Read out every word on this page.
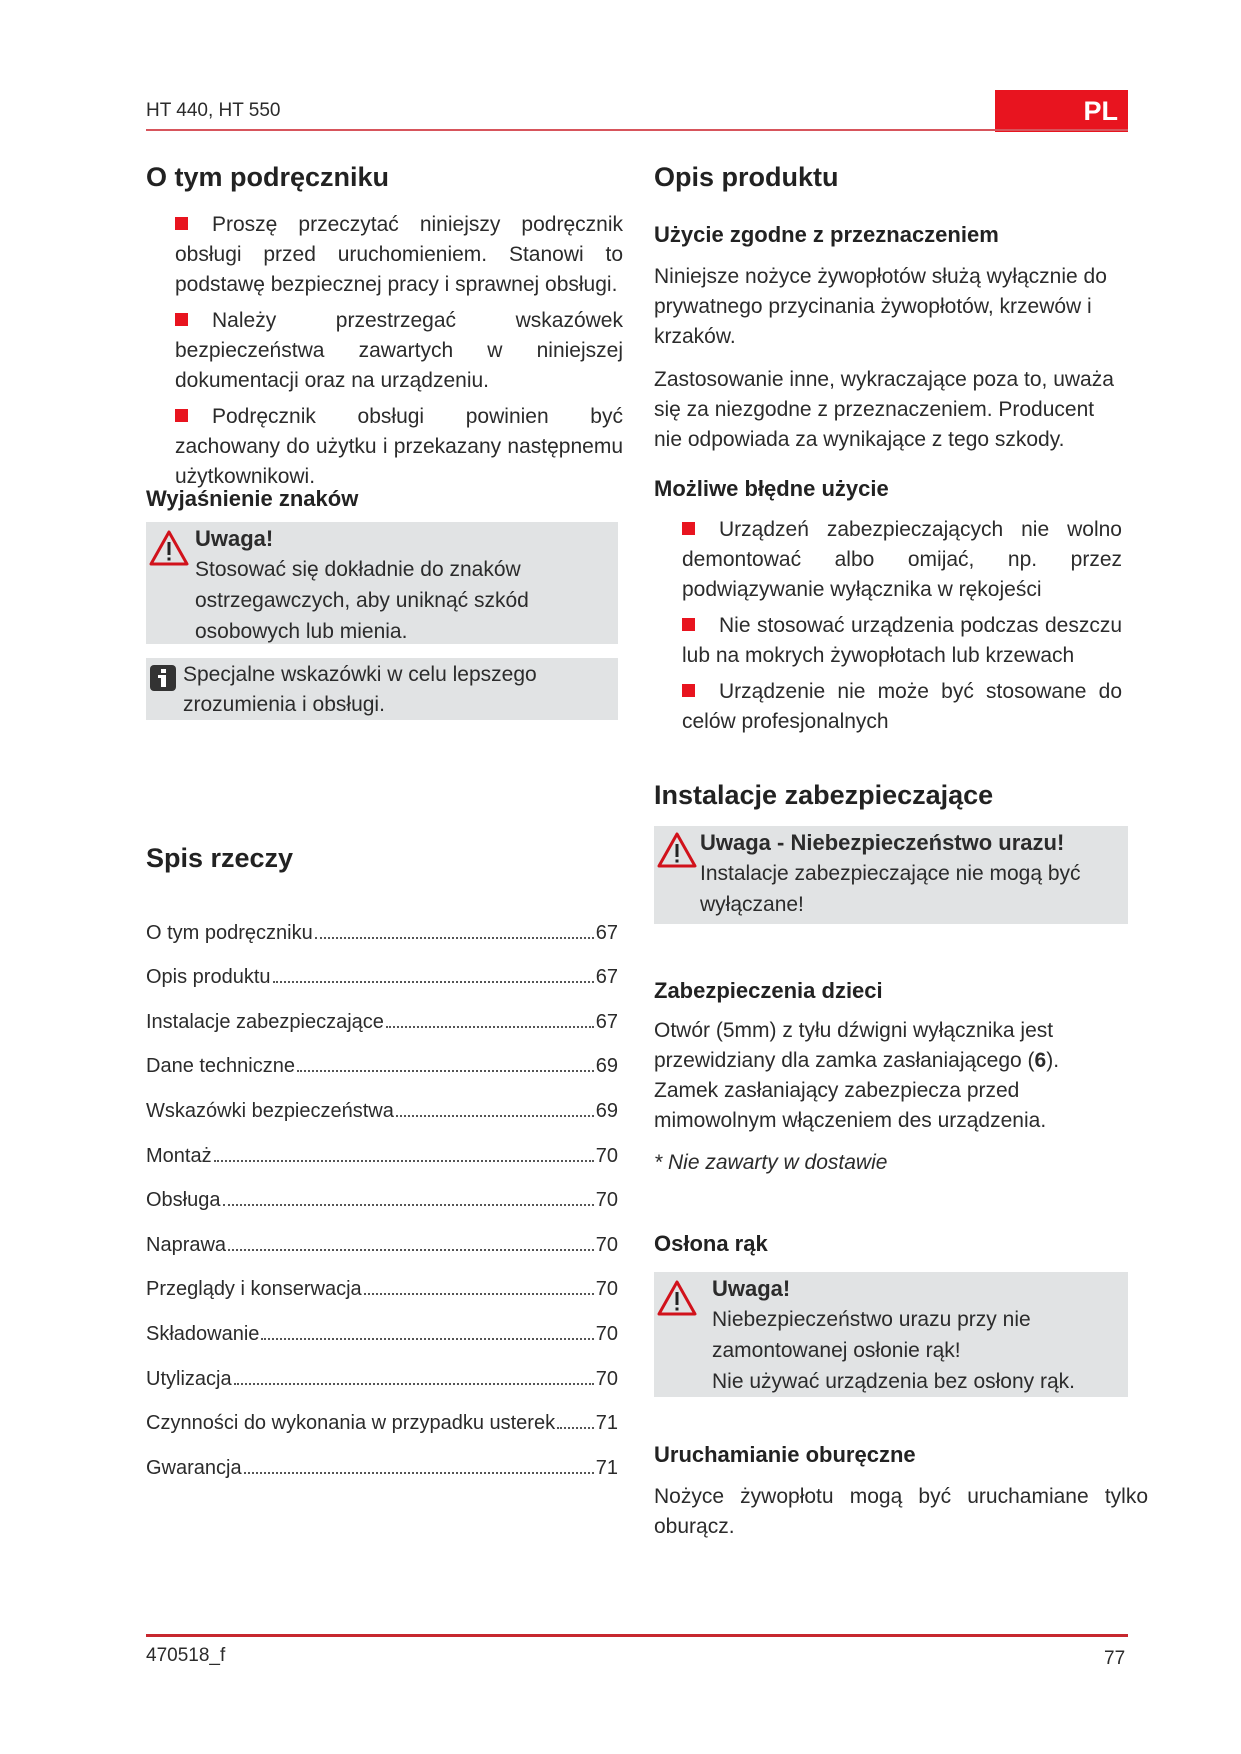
HT 440, HT 550	PL
O tym podręczniku
Proszę przeczytać niniejszy podręcznik obsługi przed uruchomieniem. Stanowi to podstawę bezpiecznej pracy i sprawnej obsługi.
Należy przestrzegać wskazówek bezpieczeństwa zawartych w niniejszej dokumentacji oraz na urządzeniu.
Podręcznik obsługi powinien być zachowany do użytku i przekazany następnemu użytkownikowi.
Wyjaśnienie znaków
Uwaga!
Stosować się dokładnie do znaków ostrzegawczych, aby uniknąć szkód osobowych lub mienia.
Specjalne wskazówki w celu lepszego zrozumienia i obsługi.
Spis rzeczy
O tym podręczniku	67
Opis produktu	67
Instalacje zabezpieczające	67
Dane techniczne	69
Wskazówki bezpieczeństwa	69
Montaż	70
Obsługa	70
Naprawa	70
Przeglądy i konserwacja	70
Składowanie	70
Utylizacja	70
Czynności do wykonania w przypadku usterek 71
Gwarancja	71
Opis produktu
Użycie zgodne z przeznaczeniem

Niniejsze nożyce żywopłotów służą wyłącznie do prywatnego przycinania żywopłotów, krzewów i krzaków.

Zastosowanie inne, wykraczające poza to, uważa się za niezgodne z przeznaczeniem. Producent nie odpowiada za wynikające z tego szkody.

Możliwe błędne użycie
Urządzeń zabezpieczających nie wolno demontować albo omijać, np. przez podwiązywanie wyłącznika w rękojeści
Nie stosować urządzenia podczas deszczu lub na mokrych żywopłotach lub krzewach
Urządzenie nie może być stosowane do celów profesjonalnych
Instalacje zabezpieczające
Uwaga - Niebezpieczeństwo urazu!
Instalacje zabezpieczające nie mogą być wyłączane!
Zabezpieczenia dzieci

Otwór (5mm) z tyłu dźwigni wyłącznika jest przewidziany dla zamka zasłaniającego (6). Zamek zasłaniający zabezpiecza przed mimowolnym włączeniem des urządzenia.

* Nie zawarty w dostawie

Osłona rąk
Uwaga!
Niebezpieczeństwo urazu przy nie zamontowanej osłonie rąk!
Nie używać urządzenia bez osłony rąk.
Uruchamianie oburęczne

Nożyce żywopłotu mogą być uruchamiane tylko oburącz.

470518_f	77
